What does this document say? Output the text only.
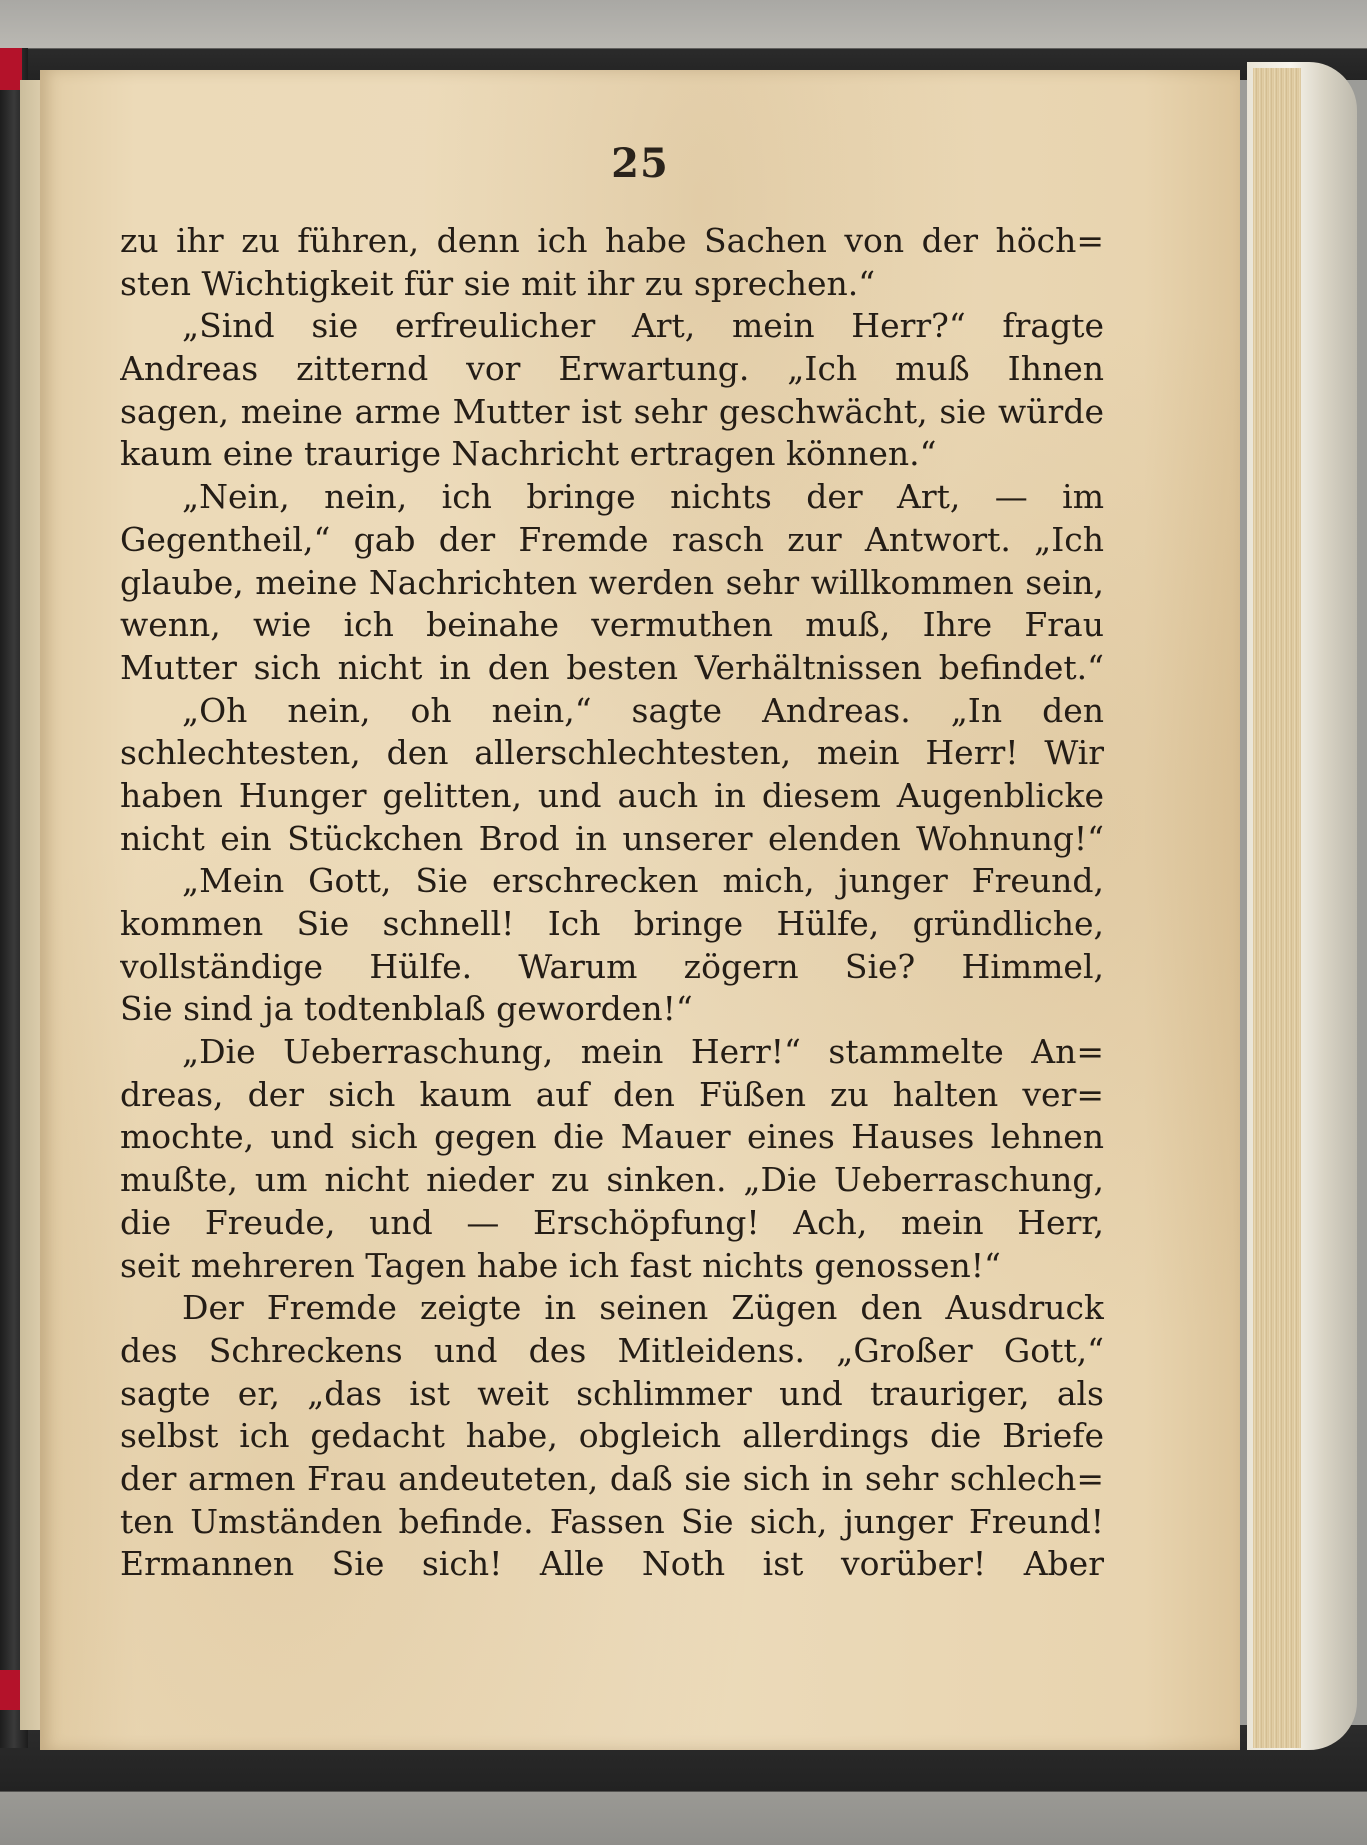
25
zu ihr zu führen, denn ich habe Sachen von der höch=
sten Wichtigkeit für sie mit ihr zu sprechen.“
„Sind sie erfreulicher Art, mein Herr?“ fragte
Andreas zitternd vor Erwartung. „Ich muß Ihnen
sagen, meine arme Mutter ist sehr geschwächt, sie würde
kaum eine traurige Nachricht ertragen können.“
„Nein, nein, ich bringe nichts der Art, — im
Gegentheil,“ gab der Fremde rasch zur Antwort. „Ich
glaube, meine Nachrichten werden sehr willkommen sein,
wenn, wie ich beinahe vermuthen muß, Ihre Frau
Mutter sich nicht in den besten Verhältnissen befindet.“
„Oh nein, oh nein,“ sagte Andreas. „In den
schlechtesten, den allerschlechtesten, mein Herr! Wir
haben Hunger gelitten, und auch in diesem Augenblicke
nicht ein Stückchen Brod in unserer elenden Wohnung!“
„Mein Gott, Sie erschrecken mich, junger Freund,
kommen Sie schnell! Ich bringe Hülfe, gründliche,
vollständige Hülfe. Warum zögern Sie? Himmel,
Sie sind ja todtenblaß geworden!“
„Die Ueberraschung, mein Herr!“ stammelte An=
dreas, der sich kaum auf den Füßen zu halten ver=
mochte, und sich gegen die Mauer eines Hauses lehnen
mußte, um nicht nieder zu sinken. „Die Ueberraschung,
die Freude, und — Erschöpfung! Ach, mein Herr,
seit mehreren Tagen habe ich fast nichts genossen!“
Der Fremde zeigte in seinen Zügen den Ausdruck
des Schreckens und des Mitleidens. „Großer Gott,“
sagte er, „das ist weit schlimmer und trauriger, als
selbst ich gedacht habe, obgleich allerdings die Briefe
der armen Frau andeuteten, daß sie sich in sehr schlech=
ten Umständen befinde. Fassen Sie sich, junger Freund!
Ermannen Sie sich! Alle Noth ist vorüber! Aber
